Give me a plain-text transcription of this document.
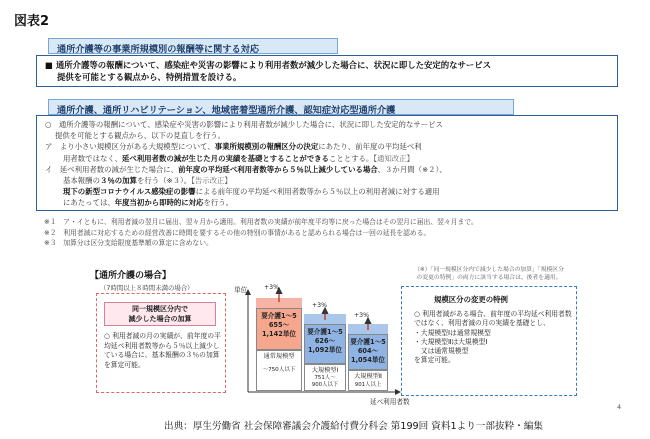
図表2
通所介護等の事業所規模別の報酬等に関する対応
■ 通所介護等の報酬について、感染症や災害の影響により利用者数が減少した場合に、状況に即した安定的なサービス
提供を可能とする観点から、特例措置を設ける。
通所介護、通所リハビリテーション、地域密着型通所介護、認知症対応型通所介護

○　 通所介護等の報酬について、感染症や災害の影響により利用者数が減少した場合に、状況に即した安定的なサービス

提供を可能とする観点から、以下の見直しを行う。

ア　 より小さい規模区分がある大規模型について、事業所規模別の報酬区分の決定にあたり、前年度の平均延べ利

用者数ではなく、延べ利用者数の減が生じた月の実績を基礎とすることができることとする。【通知改正】

イ　 延べ利用者数の減が生じた場合に、前年度の平均延べ利用者数等から５％以上減少している場合、３か月間（※２）、

基本報酬の３％の加算を行う（※３）。【告示改正】

現下の新型コロナウイルス感染症の影響による前年度の平均延べ利用者数等から５％以上の利用者減に対する適用

にあたっては、年度当初から即時的に対応を行う。

※１　ア・イともに、利用者減の翌月に届出、翌々月から適用。利用者数の実績が前年度平均等に戻った場合はその翌月に届出、翌々月まで。

※２　利用者減に対応するための経営改善に時間を要するその他の特別の事情があると認められる場合は一回の延長を認める。

※３　加算分は区分支給限度基準額の算定に含めない。

【通所介護の場合】
（7時間以上８時間未満の場合）
同一規模区分内で
減少した場合の加算
○ 利用者減の月の実績が、前年度の平均延べ利用者数等から５％以上減少している場合に、基本報酬の３％の加算を算定可能。
単位
延べ利用者数
+3%
+3%
+3%
要介護1～5
655～
1,142単位
通常規模型
～750人以下
要介護1～5
626～
1,092単位
大規模型Ⅰ
751人～
900人以下
要介護1～5
604～
1,054単位
大規模型Ⅱ
901人以上
（※）「同一規模区分内で減少した場合の加算」「規模区分
の変更の特例」の両方に該当する場合は、後者を適用。
規模区分の変更の特例
○ 利用者減がある場合、前年度の平均延べ利用者数ではなく、利用者減の月の実績を基礎とし、
・大規模型Ⅰは通常規模型
・大規模型Ⅱは大規模型Ⅰ
　又は通常規模型
を算定可能。
4
出典：厚生労働省 社会保障審議会介護給付費分科会 第199回 資料1より一部抜粋・編集
